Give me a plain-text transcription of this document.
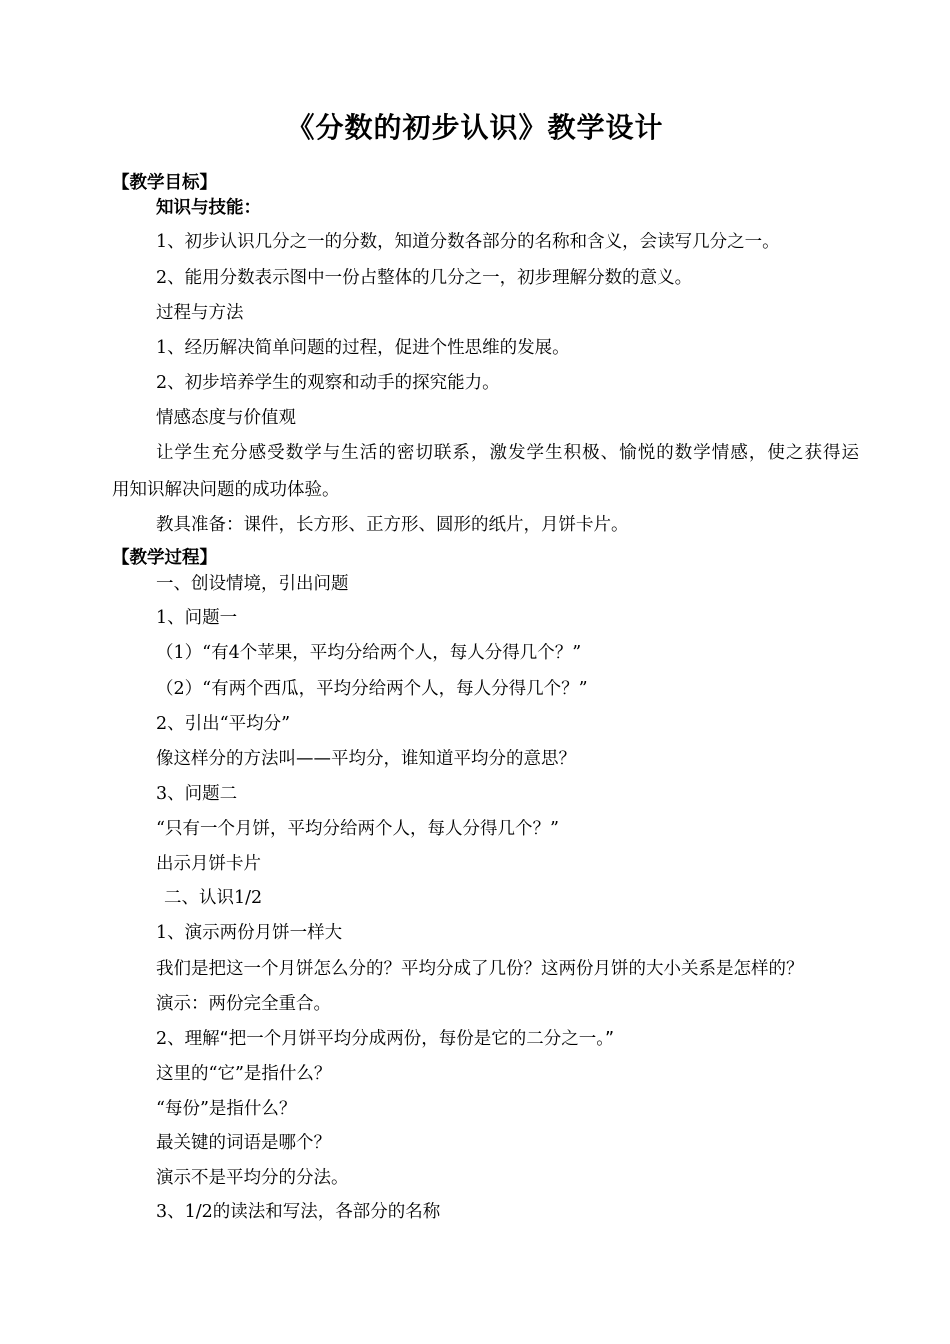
《分数的初步认识》教学设计
【教学目标】
知识与技能：
1、初步认识几分之一的分数，知道分数各部分的名称和含义，会读写几分之一。
2、能用分数表示图中一份占整体的几分之一，初步理解分数的意义。
过程与方法
1、经历解决简单问题的过程，促进个性思维的发展。
2、初步培养学生的观察和动手的探究能力。
情感态度与价值观
让学生充分感受数学与生活的密切联系，激发学生积极、愉悦的数学情感，使之获得运
用知识解决问题的成功体验。
教具准备：课件，长方形、正方形、圆形的纸片，月饼卡片。
【教学过程】
一、创设情境，引出问题
1、问题一
（1）“有4个苹果，平均分给两个人，每人分得几个？”
（2）“有两个西瓜，平均分给两个人，每人分得几个？”
2、引出“平均分”
像这样分的方法叫——平均分，谁知道平均分的意思？
3、问题二
“只有一个月饼，平均分给两个人，每人分得几个？”
出示月饼卡片
二、认识1/2
1、演示两份月饼一样大
我们是把这一个月饼怎么分的？平均分成了几份？这两份月饼的大小关系是怎样的？
演示：两份完全重合。
2、理解“把一个月饼平均分成两份，每份是它的二分之一。”
这里的“它”是指什么？
“每份”是指什么？
最关键的词语是哪个？
演示不是平均分的分法。
3、1/2的读法和写法，各部分的名称
